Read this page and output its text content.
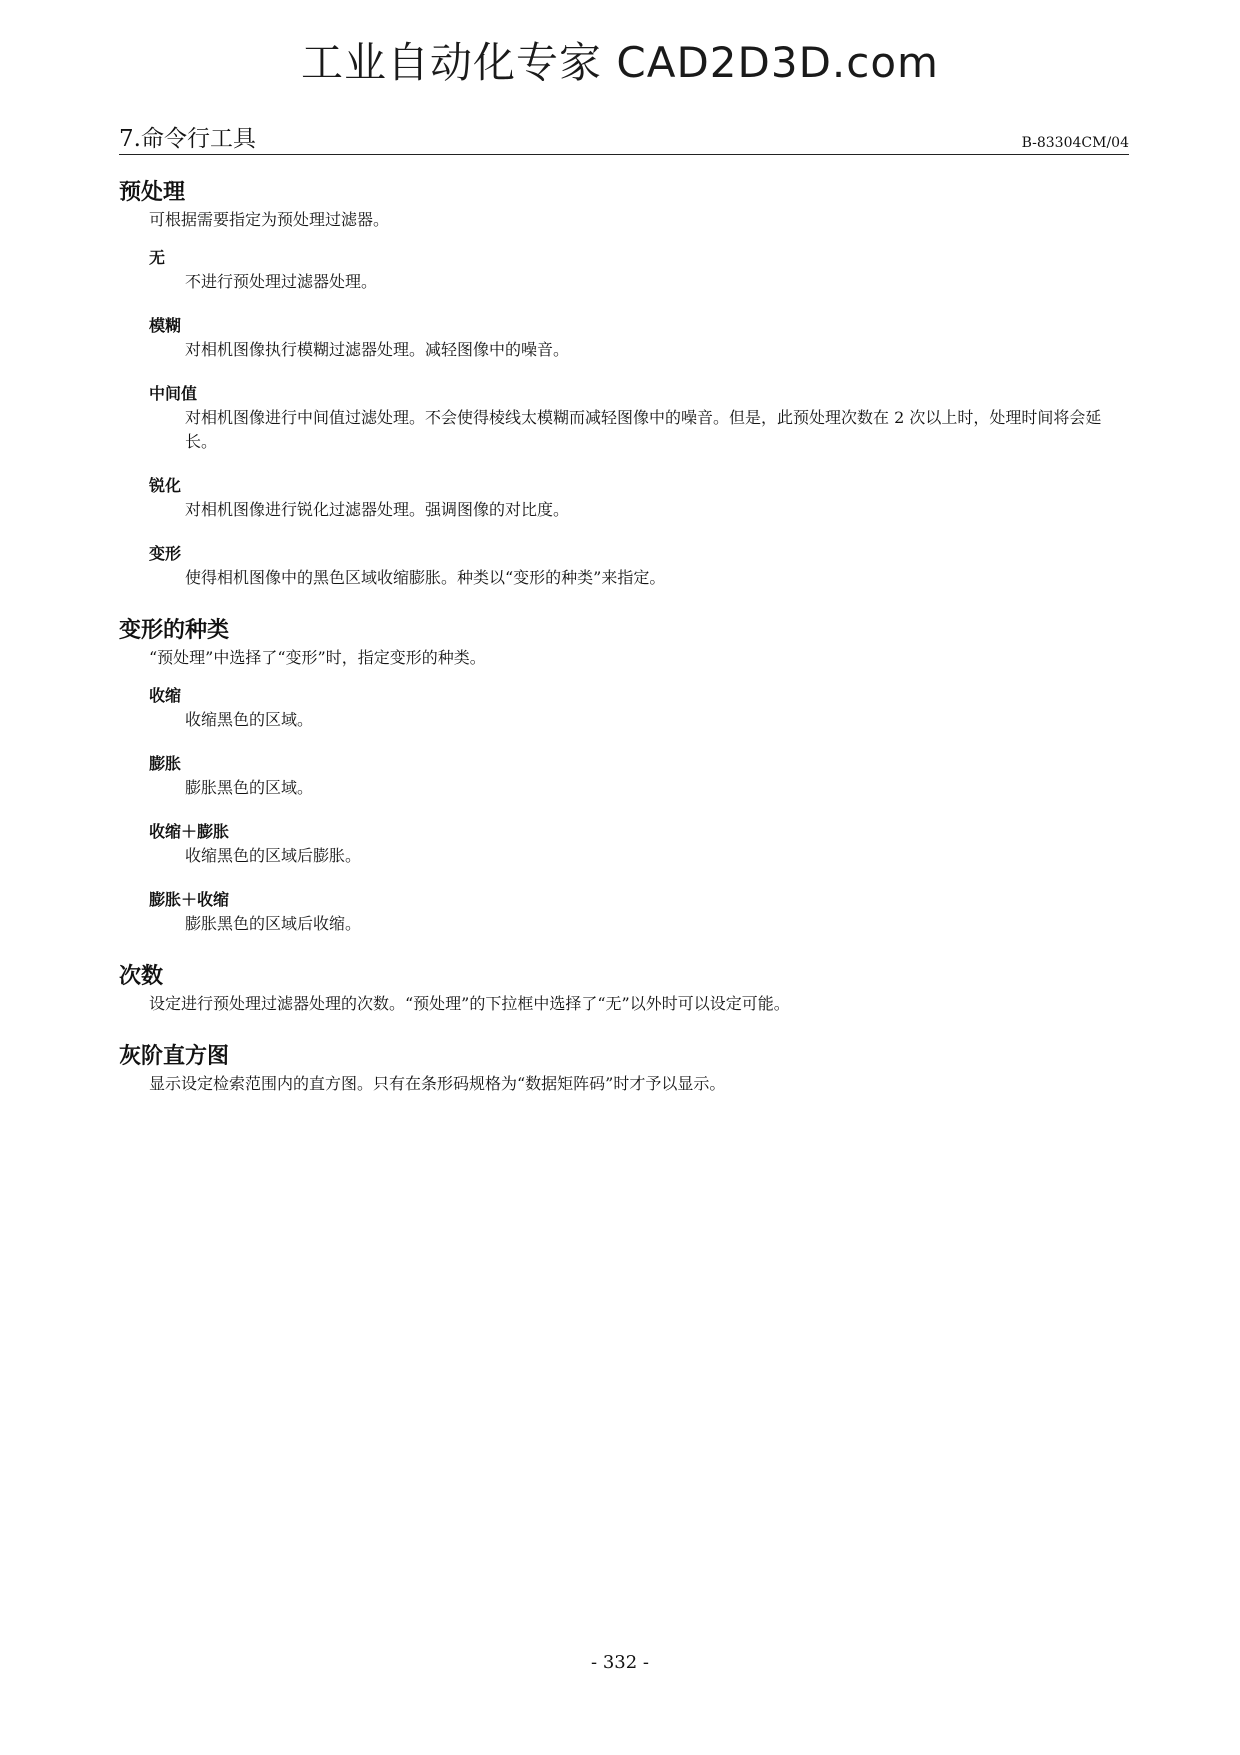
工业自动化专家 CAD2D3D.com
7.命令行工具	B-83304CM/04
预处理

可根据需要指定为预处理过滤器。

无
不进行预处理过滤器处理。
模糊
对相机图像执行模糊过滤器处理。减轻图像中的噪音。
中间值
对相机图像进行中间值过滤处理。不会使得棱线太模糊而减轻图像中的噪音。但是，此预处理次数在 2 次以上时，处理时间将会延长。
锐化
对相机图像进行锐化过滤器处理。强调图像的对比度。
变形
使得相机图像中的黑色区域收缩膨胀。种类以“变形的种类”来指定。
变形的种类

“预处理”中选择了“变形”时，指定变形的种类。

收缩
收缩黑色的区域。
膨胀
膨胀黑色的区域。
收缩＋膨胀
收缩黑色的区域后膨胀。
膨胀＋收缩
膨胀黑色的区域后收缩。
次数

设定进行预处理过滤器处理的次数。“预处理”的下拉框中选择了“无”以外时可以设定可能。

灰阶直方图

显示设定检索范围内的直方图。只有在条形码规格为“数据矩阵码”时才予以显示。

- 332 -
